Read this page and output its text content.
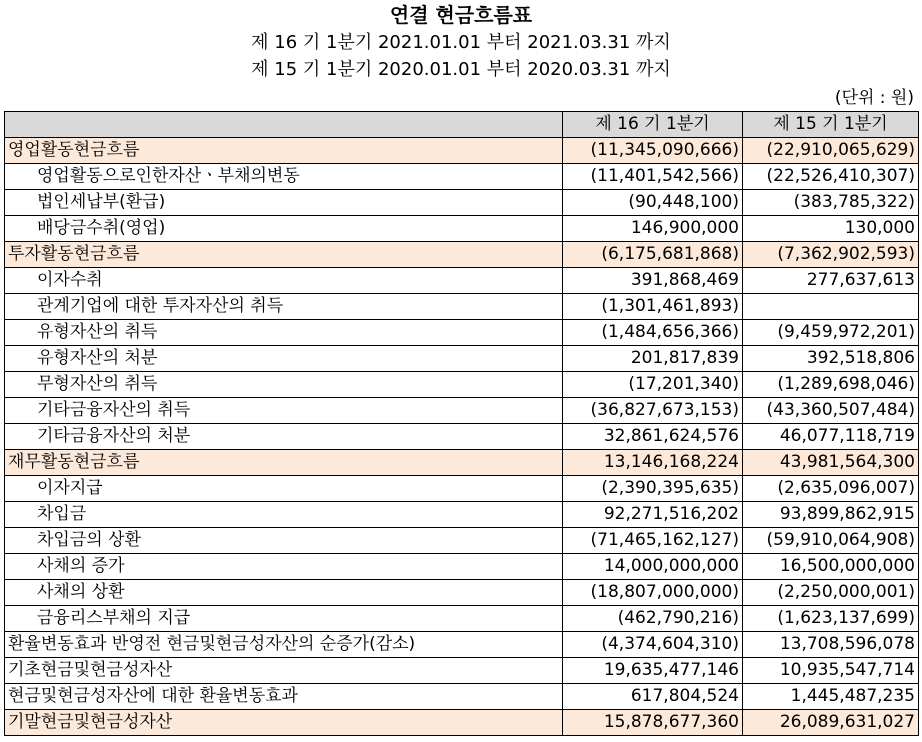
연결 현금흐름표
제 16 기 1분기 2021.01.01 부터 2021.03.31 까지
제 15 기 1분기 2020.01.01 부터 2020.03.31 까지
(단위 : 원)
	제 16 기 1분기	제 15 기 1분기
영업활동현금흐름	(11,345,090,666)	(22,910,065,629)
영업활동으로인한자산ㆍ부채의변동	(11,401,542,566)	(22,526,410,307)
법인세납부(환급)	(90,448,100)	(383,785,322)
배당금수취(영업)	146,900,000	130,000
투자활동현금흐름	(6,175,681,868)	(7,362,902,593)
이자수취	391,868,469	277,637,613
관계기업에 대한 투자자산의 취득	(1,301,461,893)	
유형자산의 취득	(1,484,656,366)	(9,459,972,201)
유형자산의 처분	201,817,839	392,518,806
무형자산의 취득	(17,201,340)	(1,289,698,046)
기타금융자산의 취득	(36,827,673,153)	(43,360,507,484)
기타금융자산의 처분	32,861,624,576	46,077,118,719
재무활동현금흐름	13,146,168,224	43,981,564,300
이자지급	(2,390,395,635)	(2,635,096,007)
차입금	92,271,516,202	93,899,862,915
차입금의 상환	(71,465,162,127)	(59,910,064,908)
사채의 증가	14,000,000,000	16,500,000,000
사채의 상환	(18,807,000,000)	(2,250,000,001)
금융리스부채의 지급	(462,790,216)	(1,623,137,699)
환율변동효과 반영전 현금및현금성자산의 순증가(감소)	(4,374,604,310)	13,708,596,078
기초현금및현금성자산	19,635,477,146	10,935,547,714
현금및현금성자산에 대한 환율변동효과	617,804,524	1,445,487,235
기말현금및현금성자산	15,878,677,360	26,089,631,027
